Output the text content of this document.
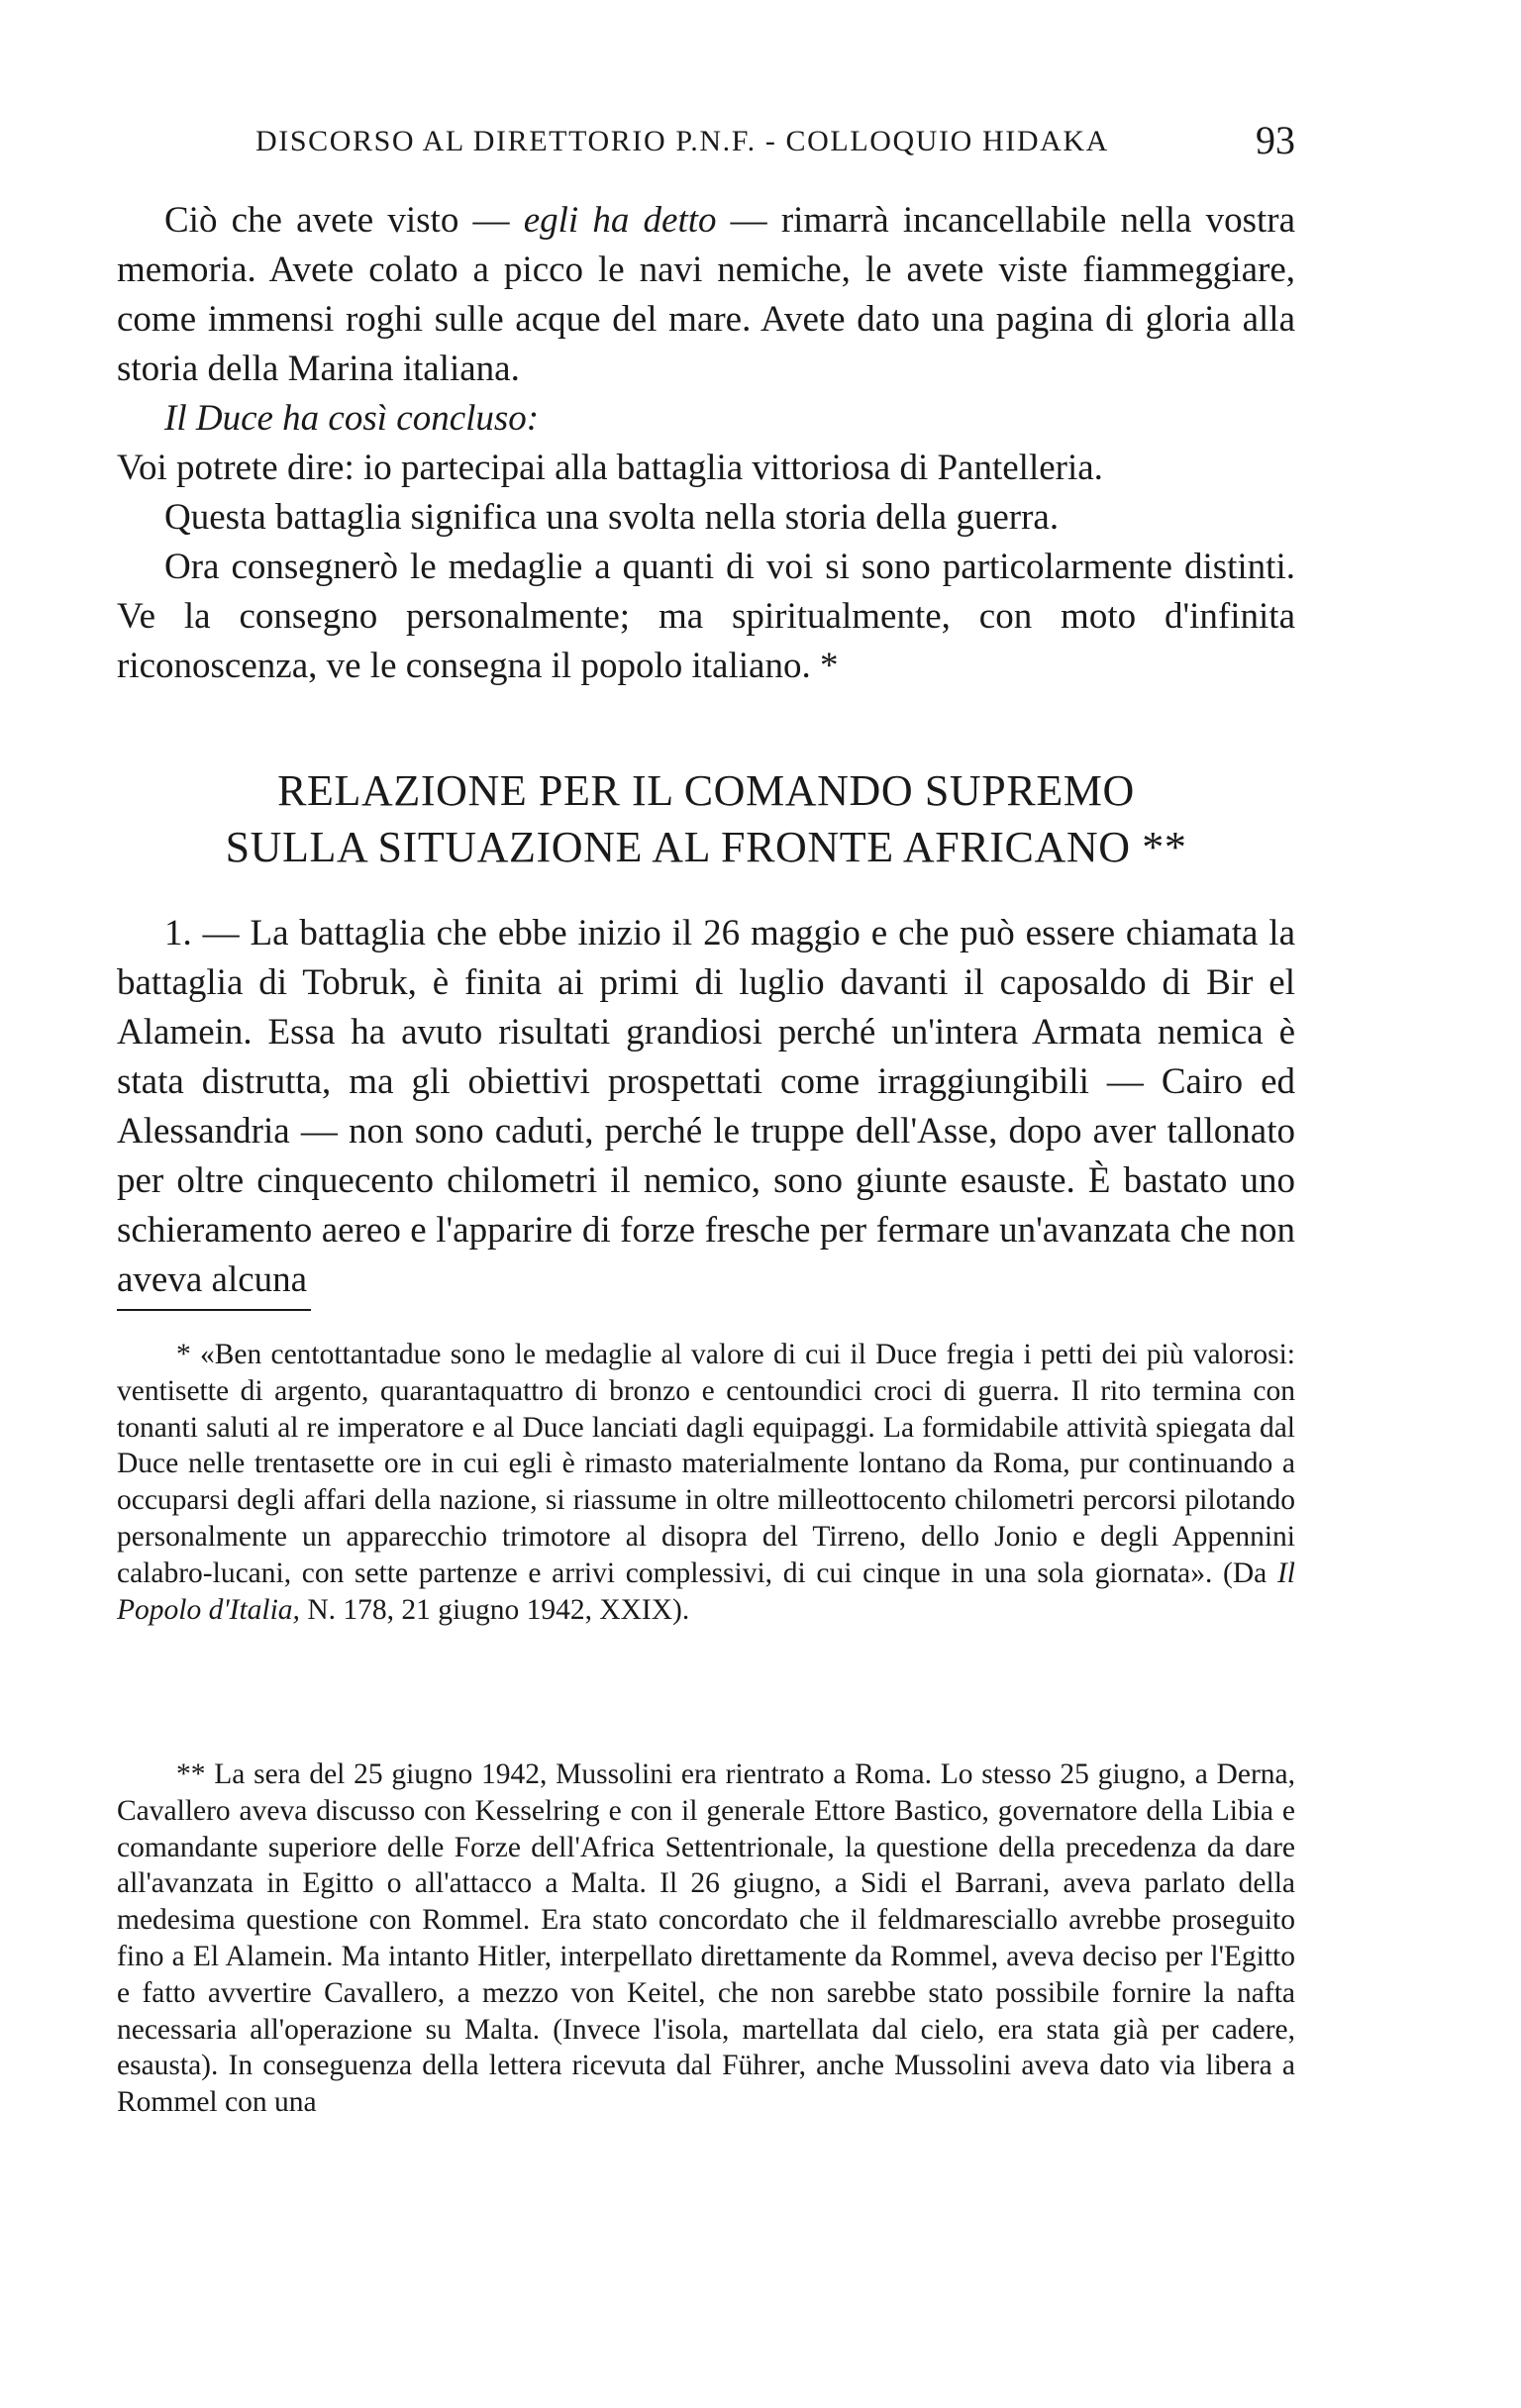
DISCORSO AL DIRETTORIO P.N.F. - COLLOQUIO HIDAKA	93

Ciò che avete visto — egli ha detto — rimarrà incancellabile nella vostra memoria. Avete colato a picco le navi nemiche, le avete viste fiammeggiare, come immensi roghi sulle acque del mare. Avete dato una pagina di gloria alla storia della Marina italiana.

Il Duce ha così concluso:

Voi potrete dire: io partecipai alla battaglia vittoriosa di Pantelleria.

Questa battaglia significa una svolta nella storia della guerra.

Ora consegnerò le medaglie a quanti di voi si sono particolarmente distinti. Ve la consegno personalmente; ma spiritualmente, con moto d'infinita riconoscenza, ve le consegna il popolo italiano. *

RELAZIONE PER IL COMANDO SUPREMO
SULLA SITUAZIONE AL FRONTE AFRICANO **

1. — La battaglia che ebbe inizio il 26 maggio e che può essere chiamata la battaglia di Tobruk, è finita ai primi di luglio davanti il caposaldo di Bir el Alamein. Essa ha avuto risultati grandiosi perché un'intera Armata nemica è stata distrutta, ma gli obiettivi prospettati come irraggiungibili — Cairo ed Alessandria — non sono caduti, perché le truppe dell'Asse, dopo aver tallonato per oltre cinquecento chilometri il nemico, sono giunte esauste. È bastato uno schieramento aereo e l'apparire di forze fresche per fermare un'avanzata che non aveva alcuna

* «Ben centottantadue sono le medaglie al valore di cui il Duce fregia i petti dei più valorosi: ventisette di argento, quarantaquattro di bronzo e centoundici croci di guerra. Il rito termina con tonanti saluti al re imperatore e al Duce lanciati dagli equipaggi. La formidabile attività spiegata dal Duce nelle trentasette ore in cui egli è rimasto materialmente lontano da Roma, pur continuando a occuparsi degli affari della nazione, si riassume in oltre milleottocento chilometri percorsi pilotando personalmente un apparecchio trimotore al disopra del Tirreno, dello Jonio e degli Appennini calabro-lucani, con sette partenze e arrivi complessivi, di cui cinque in una sola giornata». (Da Il Popolo d'Italia, N. 178, 21 giugno 1942, XXIX).

** La sera del 25 giugno 1942, Mussolini era rientrato a Roma. Lo stesso 25 giugno, a Derna, Cavallero aveva discusso con Kesselring e con il generale Ettore Bastico, governatore della Libia e comandante superiore delle Forze dell'Africa Settentrionale, la questione della precedenza da dare all'avanzata in Egitto o all'attacco a Malta. Il 26 giugno, a Sidi el Barrani, aveva parlato della medesima questione con Rommel. Era stato concordato che il feldmaresciallo avrebbe proseguito fino a El Alamein. Ma intanto Hitler, interpellato direttamente da Rommel, aveva deciso per l'Egitto e fatto avvertire Cavallero, a mezzo von Keitel, che non sarebbe stato possibile fornire la nafta necessaria all'operazione su Malta. (Invece l'isola, martellata dal cielo, era stata già per cadere, esausta). In conseguenza della lettera ricevuta dal Führer, anche Mussolini aveva dato via libera a Rommel con una
